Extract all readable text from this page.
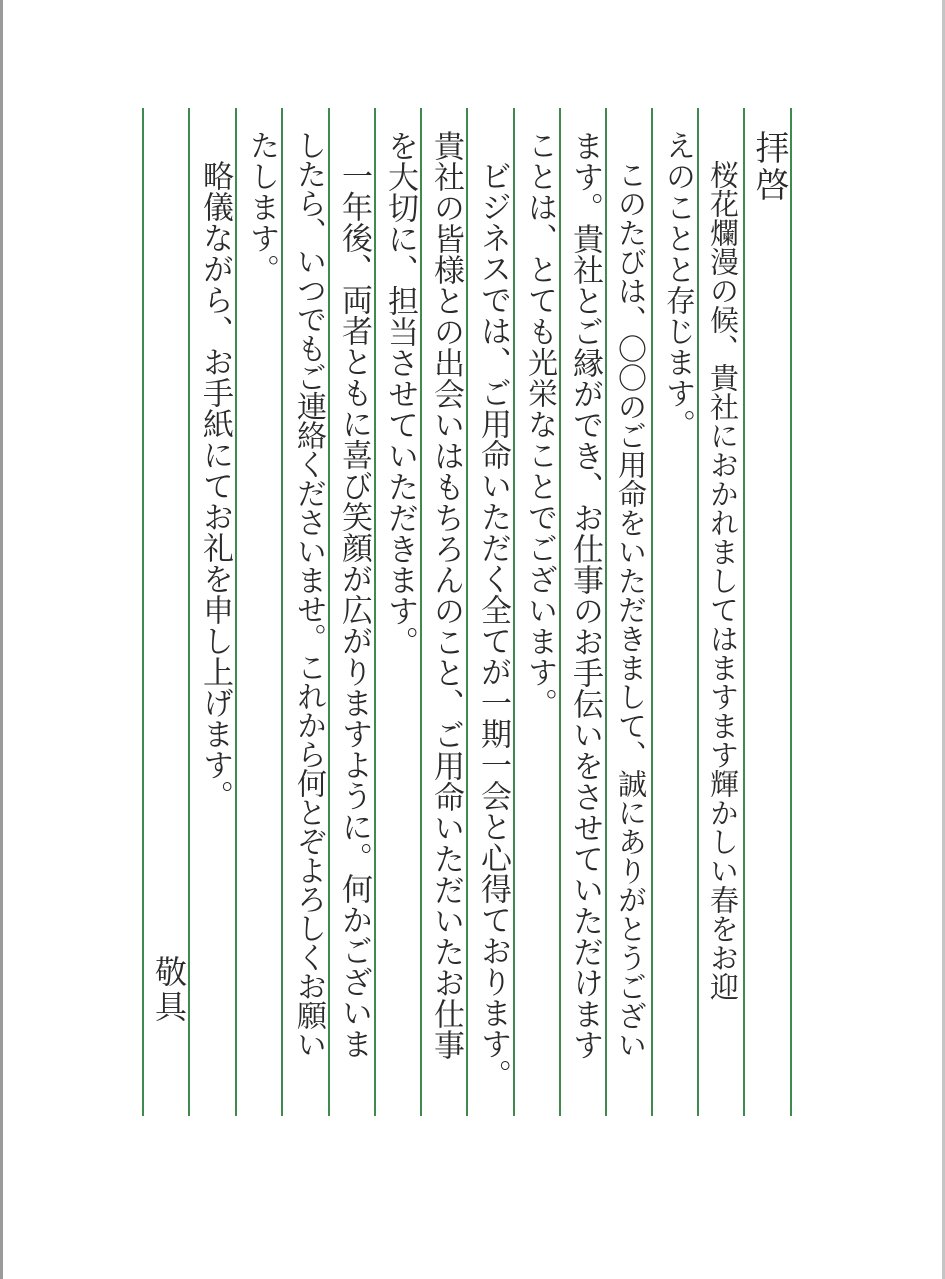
拝啓
桜花爛漫の候、貴社におかれましてはますます輝かしい春をお迎
えのことと存じます。
このたびは、〇〇のご用命をいただきまして、誠にありがとうござい
ます。貴社とご縁ができ、お仕事のお手伝いをさせていただけます
ことは、とても光栄なことでございます。
ビジネスでは、ご用命いただく全てが一期一会と心得ております。
貴社の皆様との出会いはもちろんのこと、ご用命いただいたお仕事
を大切に、担当させていただきます。
一年後、両者ともに喜び笑顔が広がりますように。何かございま
したら、いつでもご連絡くださいませ。これから何とぞよろしくお願い
たします。
略儀ながら、お手紙にてお礼を申し上げます。
敬具
